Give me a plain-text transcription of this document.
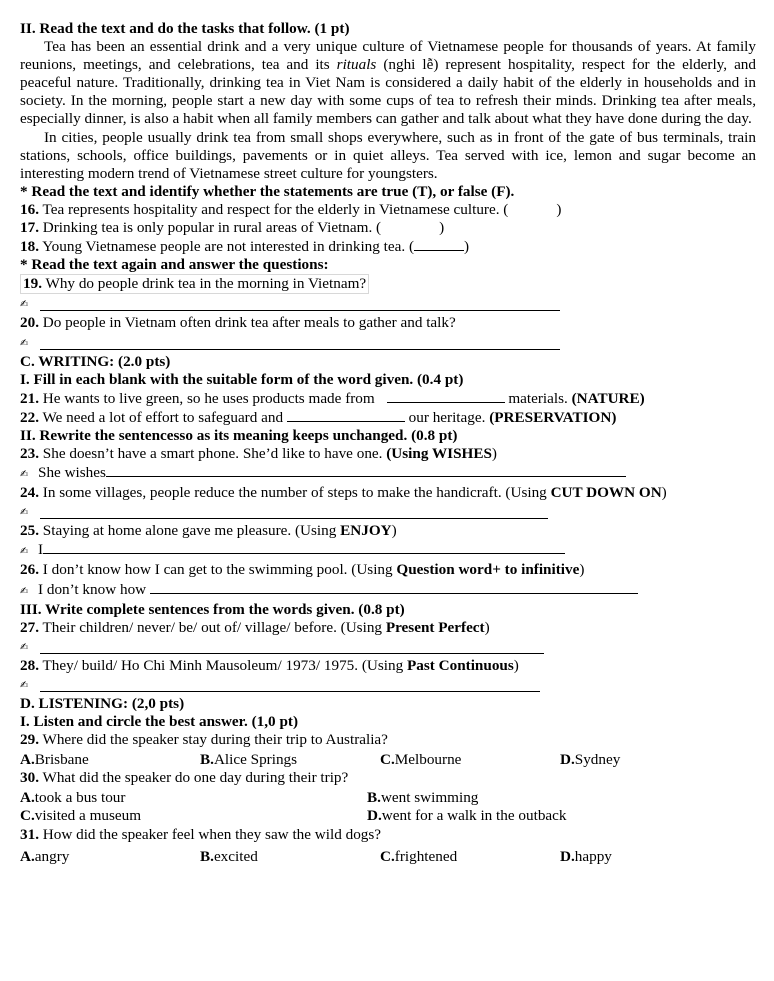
II. Read the text and do the tasks that follow. (1 pt)

Tea has been an essential drink and a very unique culture of Vietnamese people for thousands of years. At family reunions, meetings, and celebrations, tea and its rituals (nghi lễ) represent hospitality, respect for the elderly, and peaceful nature. Traditionally, drinking tea in Viet Nam is considered a daily habit of the elderly in households and in society. In the morning, people start a new day with some cups of tea to refresh their minds. Drinking tea after meals, especially dinner, is also a habit when all family members can gather and talk about what they have done during the day.

In cities, people usually drink tea from small shops everywhere, such as in front of the gate of bus terminals, train stations, schools, office buildings, pavements or in quiet alleys. Tea served with ice, lemon and sugar become an interesting modern trend of Vietnamese street culture for youngsters.

* Read the text and identify whether the statements are true (T), or false (F).

16. Tea represents hospitality and respect for the elderly in Vietnamese culture. (	)

17. Drinking tea is only popular in rural areas of Vietnam. (	)

18. Young Vietnamese people are not interested in drinking tea. (	)

* Read the text again and answer the questions:

19. Why do people drink tea in the morning in Vietnam?

✍

20. Do people in Vietnam often drink tea after meals to gather and talk?

✍

C. WRITING: (2.0 pts)

I. Fill in each blank with the suitable form of the word given. (0.4 pt)

21. He wants to live green, so he uses products made from	materials. (NATURE)

22. We need a lot of effort to safeguard and	our heritage. (PRESERVATION)

II. Rewrite the sentencesso as its meaning keeps unchanged. (0.8 pt)

23. She doesn’t have a smart phone. She’d like to have one. (Using WISHES)

✍ She wishes

24. In some villages, people reduce the number of steps to make the handicraft. (Using CUT DOWN ON)

✍

25. Staying at home alone gave me pleasure. (Using ENJOY)

✍ I

26. I don’t know how I can get to the swimming pool. (Using Question word+ to infinitive)

✍ I don’t know how

III. Write complete sentences from the words given. (0.8 pt)

27. Their children/ never/ be/ out of/ village/ before. (Using Present Perfect)

✍

28. They/ build/ Ho Chi Minh Mausoleum/ 1973/ 1975. (Using Past Continuous)

✍

D. LISTENING: (2,0 pts)

I. Listen and circle the best answer. (1,0 pt)

29. Where did the speaker stay during their trip to Australia?

A.Brisbane	B.Alice Springs	C.Melbourne	D.Sydney

30. What did the speaker do one day during their trip?

A.took a bus tour	B.went swimming
C.visited a museum	D.went for a walk in the outback

31. How did the speaker feel when they saw the wild dogs?

A.angry	B.excited	C.frightened	D.happy
